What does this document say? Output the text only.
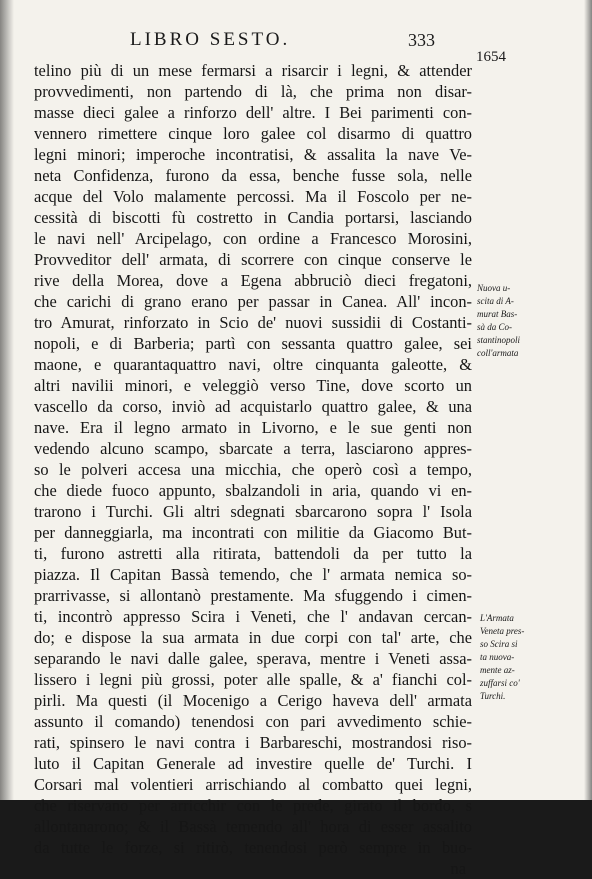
LIBRO SESTO.	333
1654
telino più di un mese fermarsi a risarcir i legni, & attender
provvedimenti, non partendo di là, che prima non disar-
masse dieci galee a rinforzo dell' altre. I Bei parimenti con-
vennero rimettere cinque loro galee col disarmo di quattro
legni minori; imperoche incontratisi, & assalita la nave Ve-
neta Confidenza, furono da essa, benche fusse sola, nelle
acque del Volo malamente percossi. Ma il Foscolo per ne-
cessità di biscotti fù costretto in Candia portarsi, lasciando
le navi nell' Arcipelago, con ordine a Francesco Morosini,
Provveditor dell' armata, di scorrere con cinque conserve le
rive della Morea, dove a Egena abbruciò dieci fregatoni,
che carichi di grano erano per passar in Canea. All' incon-
tro Amurat, rinforzato in Scio de' nuovi sussidii di Costanti-
nopoli, e di Barberia; partì con sessanta quattro galee, sei
maone, e quarantaquattro navi, oltre cinquanta galeotte, &
altri navilii minori, e veleggiò verso Tine, dove scorto un
vascello da corso, inviò ad acquistarlo quattro galee, & una
nave. Era il legno armato in Livorno, e le sue genti non
vedendo alcuno scampo, sbarcate a terra, lasciarono appres-
so le polveri accesa una micchia, che operò così a tempo,
che diede fuoco appunto, sbalzandoli in aria, quando vi en-
trarono i Turchi. Gli altri sdegnati sbarcarono sopra l' Isola
per danneggiarla, ma incontrati con militie da Giacomo But-
ti, furono astretti alla ritirata, battendoli da per tutto la
piazza. Il Capitan Bassà temendo, che l' armata nemica so-
prarrivasse, si allontanò prestamente. Ma sfuggendo i cimen-
ti, incontrò appresso Scira i Veneti, che l' andavan cercan-
do; e dispose la sua armata in due corpi con tal' arte, che
separando le navi dalle galee, sperava, mentre i Veneti assa-
lissero i legni più grossi, poter alle spalle, & a' fianchi col-
pirli. Ma questi (il Mocenigo a Cerigo haveva dell' armata
assunto il comando) tenendosi con pari avvedimento schie-
rati, spinsero le navi contra i Barbareschi, mostrandosi riso-
luto il Capitan Generale ad investire quelle de' Turchi. I
Corsari mal volentieri arrischiando al combatto quei legni,
che riservano per arricchir con le prede, girato il bordo, s
allontanarono; & il Bassà temendo all' hora di esser assalito
da tutte le forze, si ritirò, tenendosi però sempre in buo-
na
Nuova u-
scita di A-
murat Bas-
sà da Co-
stantinopoli
coll'armata
L'Armata
Veneta pres-
so Scira si
ta nuova-
mente az-
zuffarsi co'
Turchi.
